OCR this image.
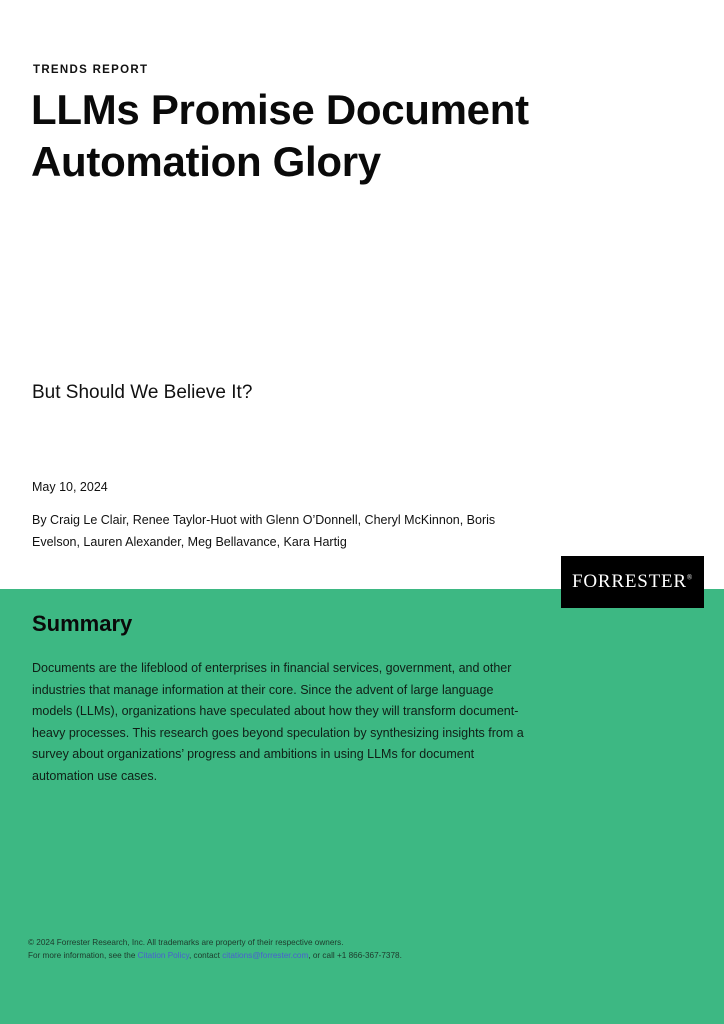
TRENDS REPORT
LLMs Promise Document
Automation Glory
But Should We Believe It?
May 10, 2024
By Craig Le Clair, Renee Taylor-Huot with Glenn O’Donnell, Cheryl McKinnon, Boris
Evelson, Lauren Alexander, Meg Bellavance, Kara Hartig
FORRESTER®
Summary
Documents are the lifeblood of enterprises in financial services, government, and other industries that manage information at their core. Since the advent of large language models (LLMs), organizations have speculated about how they will transform document-heavy processes. This research goes beyond speculation by synthesizing insights from a survey about organizations’ progress and ambitions in using LLMs for document automation use cases.
© 2024 Forrester Research, Inc. All trademarks are property of their respective owners.
For more information, see the Citation Policy, contact citations@forrester.com, or call +1 866-367-7378.
